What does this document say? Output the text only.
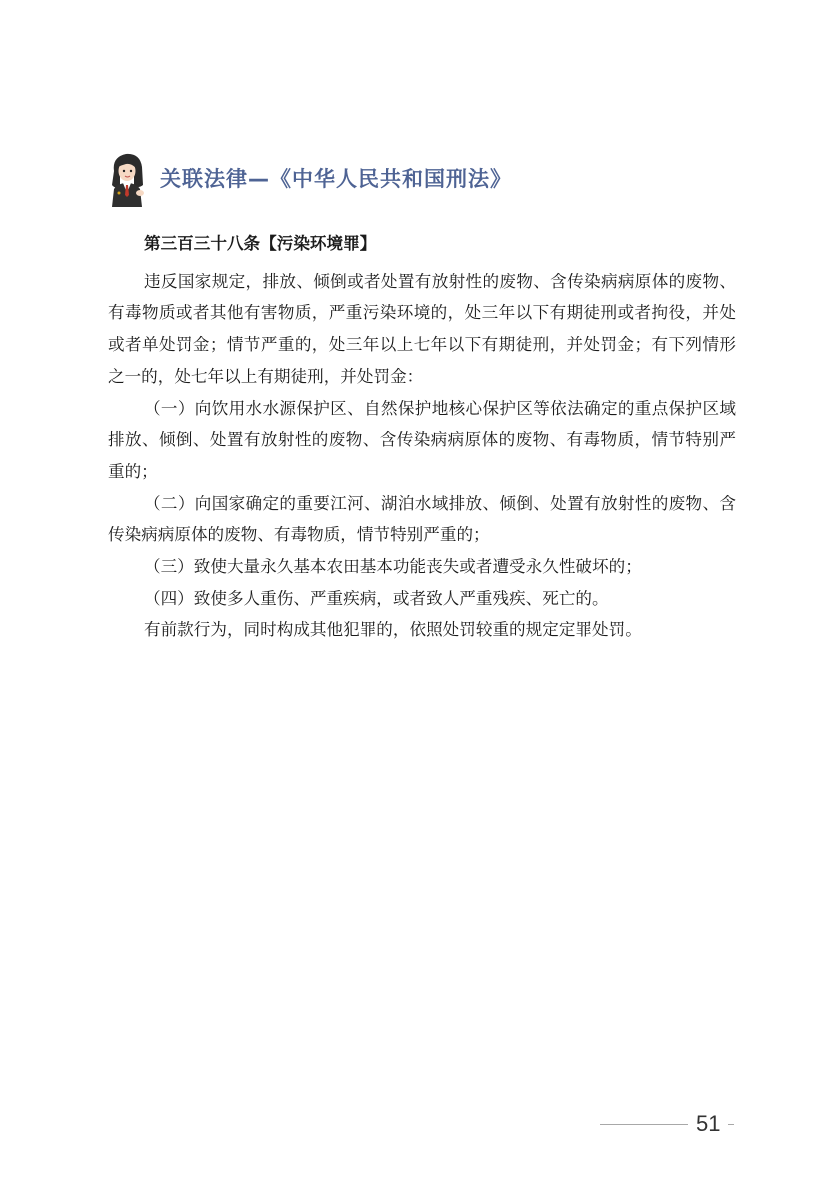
关联法律—《中华人民共和国刑法》
第三百三十八条【污染环境罪】

违反国家规定，排放、倾倒或者处置有放射性的废物、含传染病病原体的废物、有毒物质或者其他有害物质，严重污染环境的，处三年以下有期徒刑或者拘役，并处或者单处罚金；情节严重的，处三年以上七年以下有期徒刑，并处罚金；有下列情形之一的，处七年以上有期徒刑，并处罚金：

（一）向饮用水水源保护区、自然保护地核心保护区等依法确定的重点保护区域排放、倾倒、处置有放射性的废物、含传染病病原体的废物、有毒物质，情节特别严重的；

（二）向国家确定的重要江河、湖泊水域排放、倾倒、处置有放射性的废物、含传染病病原体的废物、有毒物质，情节特别严重的；

（三）致使大量永久基本农田基本功能丧失或者遭受永久性破坏的；

（四）致使多人重伤、严重疾病，或者致人严重残疾、死亡的。

有前款行为，同时构成其他犯罪的，依照处罚较重的规定定罪处罚。

51
